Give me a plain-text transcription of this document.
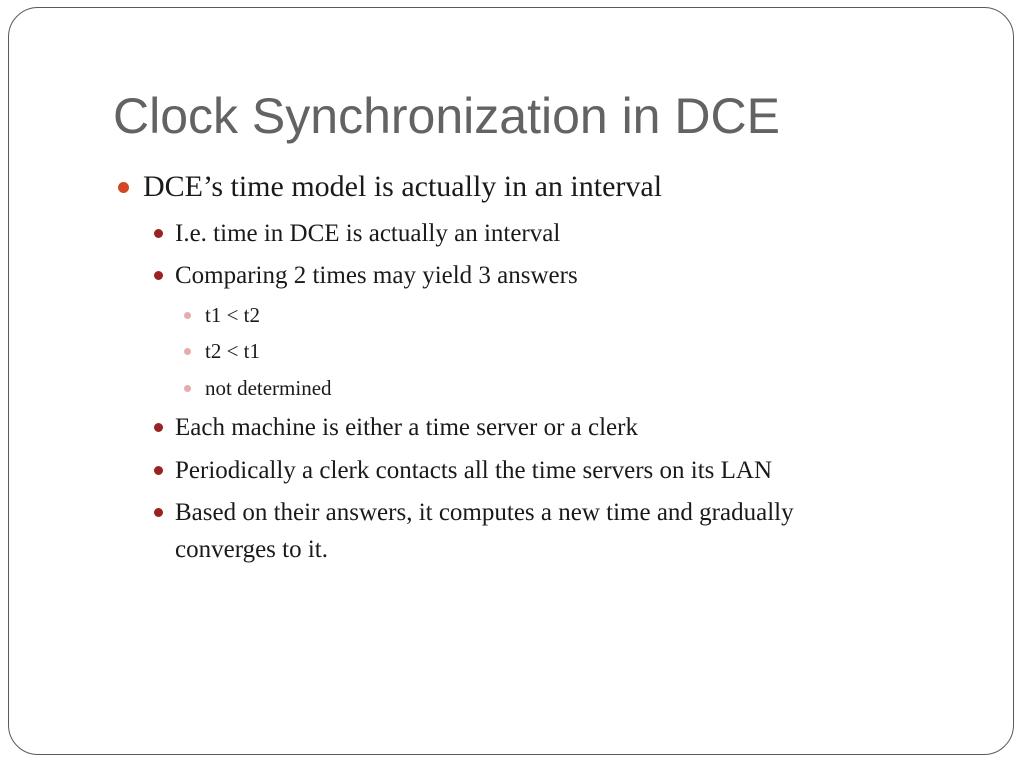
Clock Synchronization in DCE
DCE’s time model is actually in an interval
I.e. time in DCE is actually an interval
Comparing 2 times may yield 3 answers
t1 < t2
t2 < t1
not determined
Each machine is either a time server or a clerk
Periodically a clerk contacts all the time servers on its LAN
Based on their answers, it computes a new time and gradually
converges to it.
